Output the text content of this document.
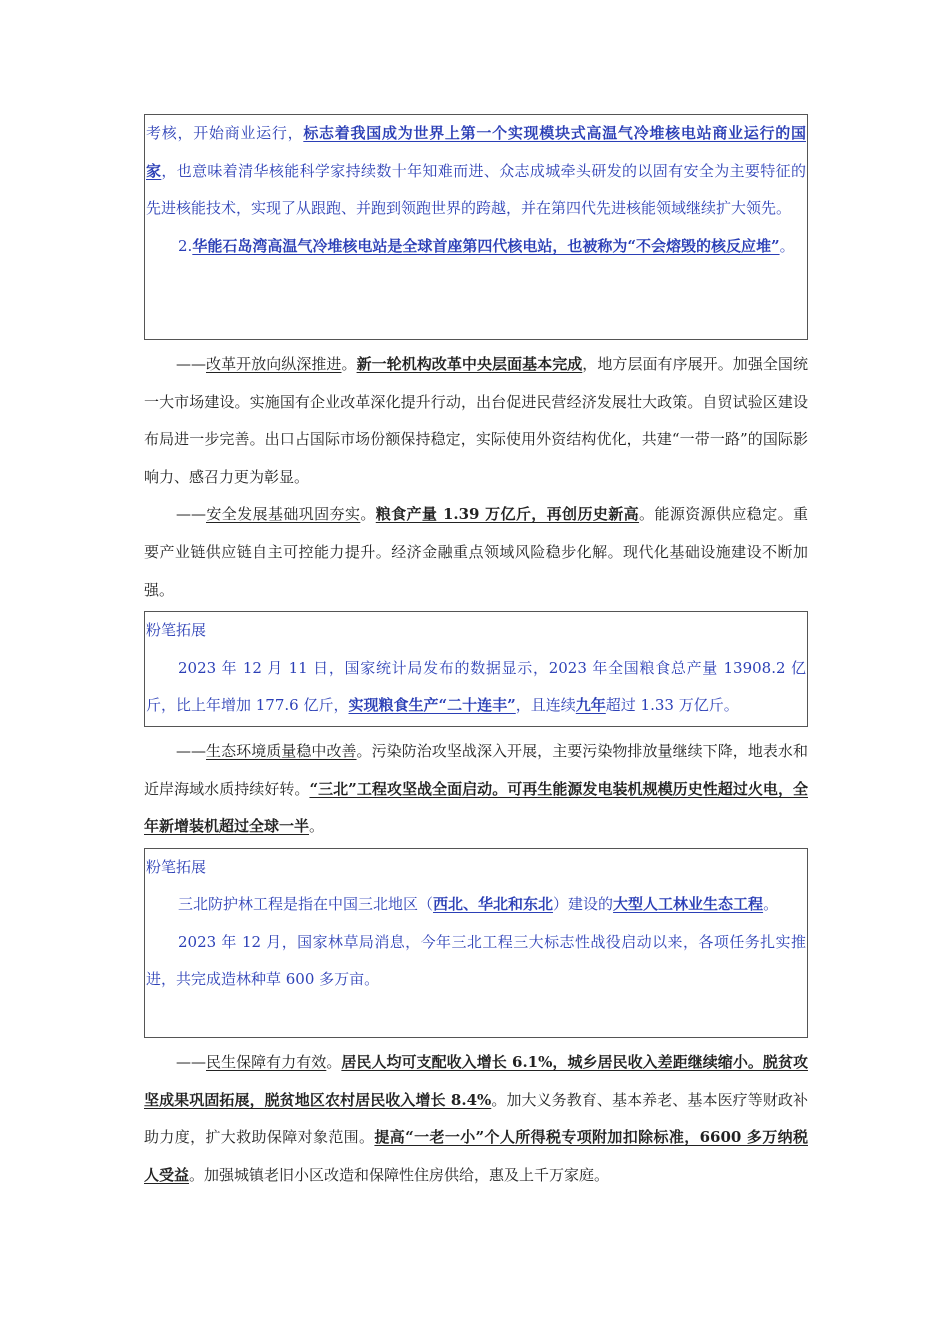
考核，开始商业运行，标志着我国成为世界上第一个实现模块式高温气冷堆核电站商业运行的国家，也意味着清华核能科学家持续数十年知难而进、众志成城牵头研发的以固有安全为主要特征的先进核能技术，实现了从跟跑、并跑到领跑世界的跨越，并在第四代先进核能领域继续扩大领先。

2.华能石岛湾高温气冷堆核电站是全球首座第四代核电站，也被称为“不会熔毁的核反应堆”。

——改革开放向纵深推进。新一轮机构改革中央层面基本完成，地方层面有序展开。加强全国统一大市场建设。实施国有企业改革深化提升行动，出台促进民营经济发展壮大政策。自贸试验区建设布局进一步完善。出口占国际市场份额保持稳定，实际使用外资结构优化，共建“一带一路”的国际影响力、感召力更为彰显。

——安全发展基础巩固夯实。粮食产量 1.39 万亿斤，再创历史新高。能源资源供应稳定。重要产业链供应链自主可控能力提升。经济金融重点领域风险稳步化解。现代化基础设施建设不断加强。

粉笔拓展

2023 年 12 月 11 日，国家统计局发布的数据显示，2023 年全国粮食总产量 13908.2 亿斤，比上年增加 177.6 亿斤，实现粮食生产“二十连丰”，且连续九年超过 1.33 万亿斤。

——生态环境质量稳中改善。污染防治攻坚战深入开展，主要污染物排放量继续下降，地表水和近岸海域水质持续好转。“三北”工程攻坚战全面启动。可再生能源发电装机规模历史性超过火电，全年新增装机超过全球一半。

粉笔拓展

三北防护林工程是指在中国三北地区（西北、华北和东北）建设的大型人工林业生态工程。

2023 年 12 月，国家林草局消息，今年三北工程三大标志性战役启动以来，各项任务扎实推进，共完成造林种草 600 多万亩。

——民生保障有力有效。居民人均可支配收入增长 6.1%，城乡居民收入差距继续缩小。脱贫攻坚成果巩固拓展，脱贫地区农村居民收入增长 8.4%。加大义务教育、基本养老、基本医疗等财政补助力度，扩大救助保障对象范围。提高“一老一小”个人所得税专项附加扣除标准，6600 多万纳税人受益。加强城镇老旧小区改造和保障性住房供给，惠及上千万家庭。
